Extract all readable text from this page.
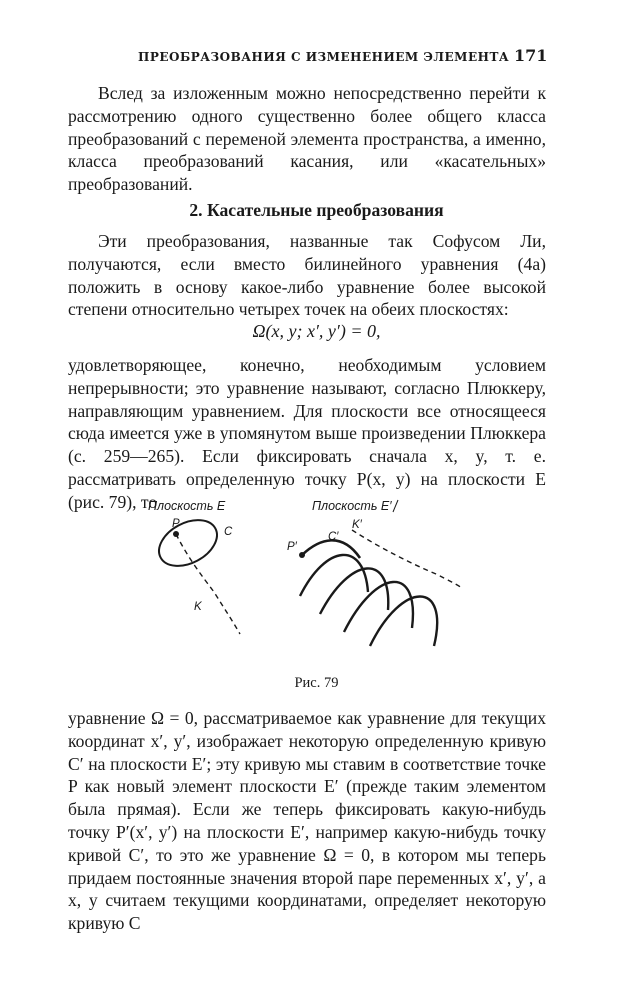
ПРЕОБРАЗОВАНИЯ С ИЗМЕНЕНИЕМ ЭЛЕМЕНТА 171

Вслед за изложенным можно непосредственно перейти к рассмотрению одного существенно более общего класса преобразований с переменой элемента пространства, а именно, класса преобразований касания, или «касательных» преобразований.

2. Касательные преобразования

Эти преобразования, названные так Софусом Ли, получаются, если вместо билинейного уравнения (4а) положить в основу какое-либо уравнение более высокой степени относительно четырех точек на обеих плоскостях:

Ω(x, y; x′, y′) = 0,

удовлетворяющее, конечно, необходимым условием непрерывности; это уравнение называют, согласно Плюккеру, направляющим уравнением. Для плоскости все относящееся сюда имеется уже в упомянутом выше произведении Плюккера (с. 259—265). Если фиксировать сначала x, y, т. е. рассматривать определенную точку P(x, y) на плоскости E (рис. 79), то

Плоскость E
P
C
K
Плоскость E′
P′
C′
K′

Рис. 79

уравнение Ω = 0, рассматриваемое как уравнение для текущих координат x′, y′, изображает некоторую определенную кривую C′ на плоскости E′; эту кривую мы ставим в соответствие точке P как новый элемент плоскости E′ (прежде таким элементом была прямая). Если же теперь фиксировать какую-нибудь точку P′(x′, y′) на плоскости E′, например какую-нибудь точку кривой C′, то это же уравнение Ω = 0, в котором мы теперь придаем постоянные значения второй паре переменных x′, y′, а x, y считаем текущими координатами, определяет некоторую кривую C
